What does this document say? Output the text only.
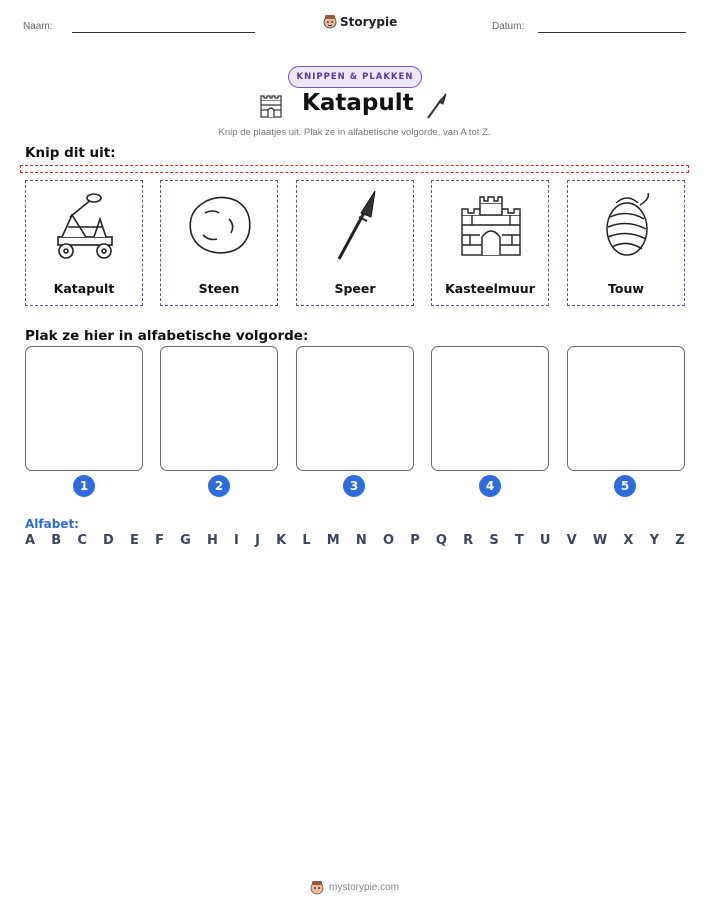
Naam:	Storypie	Datum:
KNIPPEN & PLAKKEN
Katapult
Knip de plaatjes uit. Plak ze in alfabetische volgorde, van A tot Z.
Knip dit uit:
Katapult	Steen	Speer	Kasteelmuur	Touw
Plak ze hier in alfabetische volgorde:
1	2	3	4	5
Alfabet:
A B C D E F G H I J K L M N O P Q R S T U V W X Y Z
mystorypie.com
